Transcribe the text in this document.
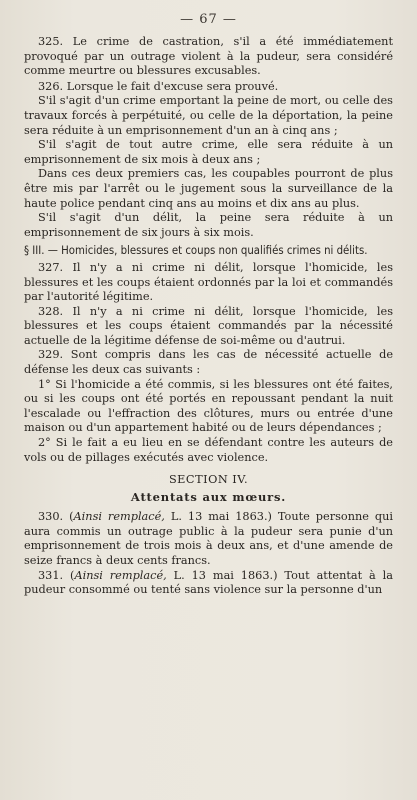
— 67 —

325. Le crime de castration, s'il a été immédiatement provoqué par un outrage violent à la pudeur, sera considéré comme meurtre ou blessures excusables.

326. Lorsque le fait d'excuse sera prouvé.

S'il s'agit d'un crime emportant la peine de mort, ou celle des travaux forcés à perpétuité, ou celle de la déportation, la peine sera réduite à un emprisonnement d'un an à cinq ans ;

S'il s'agit de tout autre crime, elle sera réduite à un emprisonnement de six mois à deux ans ;

Dans ces deux premiers cas, les coupables pourront de plus être mis par l'arrêt ou le jugement sous la surveillance de la haute police pendant cinq ans au moins et dix ans au plus.

S'il s'agit d'un délit, la peine sera réduite à un emprisonnement de six jours à six mois.

§ III. — Homicides, blessures et coups non qualifiés crimes ni délits.

327. Il n'y a ni crime ni délit, lorsque l'homicide, les blessures et les coups étaient ordonnés par la loi et commandés par l'autorité légitime.

328. Il n'y a ni crime ni délit, lorsque l'homicide, les blessures et les coups étaient commandés par la nécessité actuelle de la légitime défense de soi-même ou d'autrui.

329. Sont compris dans les cas de nécessité actuelle de défense les deux cas suivants :

1° Si l'homicide a été commis, si les blessures ont été faites, ou si les coups ont été portés en repoussant pendant la nuit l'escalade ou l'effraction des clôtures, murs ou entrée d'une maison ou d'un appartement habité ou de leurs dépendances ;

2° Si le fait a eu lieu en se défendant contre les auteurs de vols ou de pillages exécutés avec violence.

SECTION IV.
Attentats aux mœurs.

330. (Ainsi remplacé, L. 13 mai 1863.) Toute personne qui aura commis un outrage public à la pudeur sera punie d'un emprisonnement de trois mois à deux ans, et d'une amende de seize francs à deux cents francs.

331. (Ainsi remplacé, L. 13 mai 1863.) Tout attentat à la pudeur consommé ou tenté sans violence sur la personne d'un
